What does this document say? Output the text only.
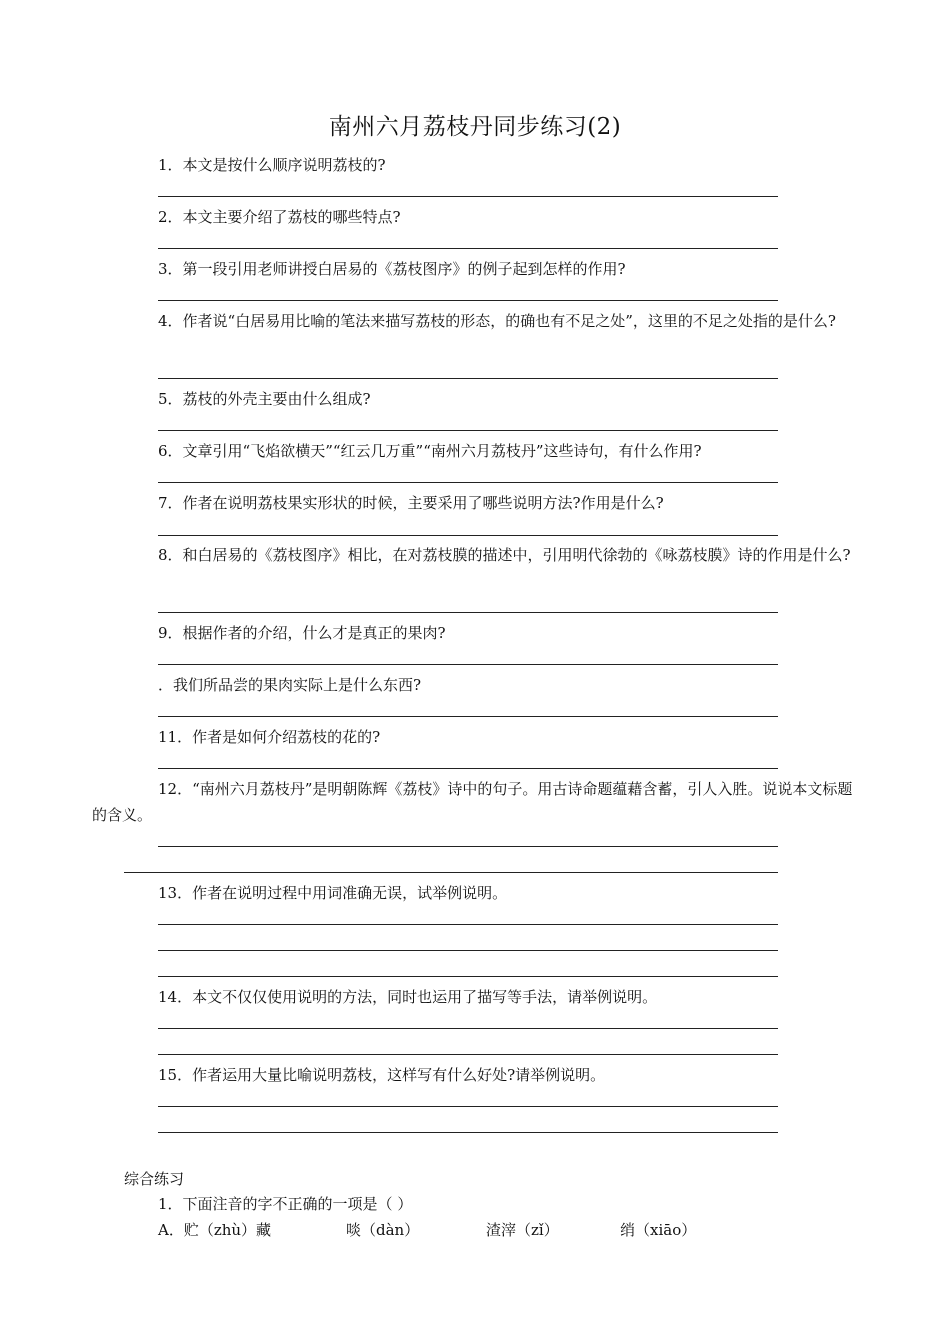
南州六月荔枝丹同步练习(2)
1．本文是按什么顺序说明荔枝的?
2．本文主要介绍了荔枝的哪些特点?
3．第一段引用老师讲授白居易的《荔枝图序》的例子起到怎样的作用?
4．作者说“白居易用比喻的笔法来描写荔枝的形态，的确也有不足之处”，这里的不足之处指的是什么?
5．荔枝的外壳主要由什么组成?
6．文章引用“飞焰欲横天”“红云几万重”“南州六月荔枝丹”这些诗句，有什么作用?
7．作者在说明荔枝果实形状的时候，主要采用了哪些说明方法?作用是什么?
8．和白居易的《荔枝图序》相比，在对荔枝膜的描述中，引用明代徐勃的《咏荔枝膜》诗的作用是什么?
9．根据作者的介绍，什么才是真正的果肉?
．我们所品尝的果肉实际上是什么东西?
11．作者是如何介绍荔枝的花的?
12．“南州六月荔枝丹”是明朝陈辉《荔枝》诗中的句子。用古诗命题蕴藉含蓄，引人入胜。说说本文标题的含义。
13．作者在说明过程中用词准确无误，试举例说明。
14．本文不仅仅使用说明的方法，同时也运用了描写等手法，请举例说明。
15．作者运用大量比喻说明荔枝，这样写有什么好处?请举例说明。
综合练习
1．下面注音的字不正确的一项是（ ）
A．贮（zhù）藏	啖（dàn）	渣滓（zǐ）	绡（xiāo）
